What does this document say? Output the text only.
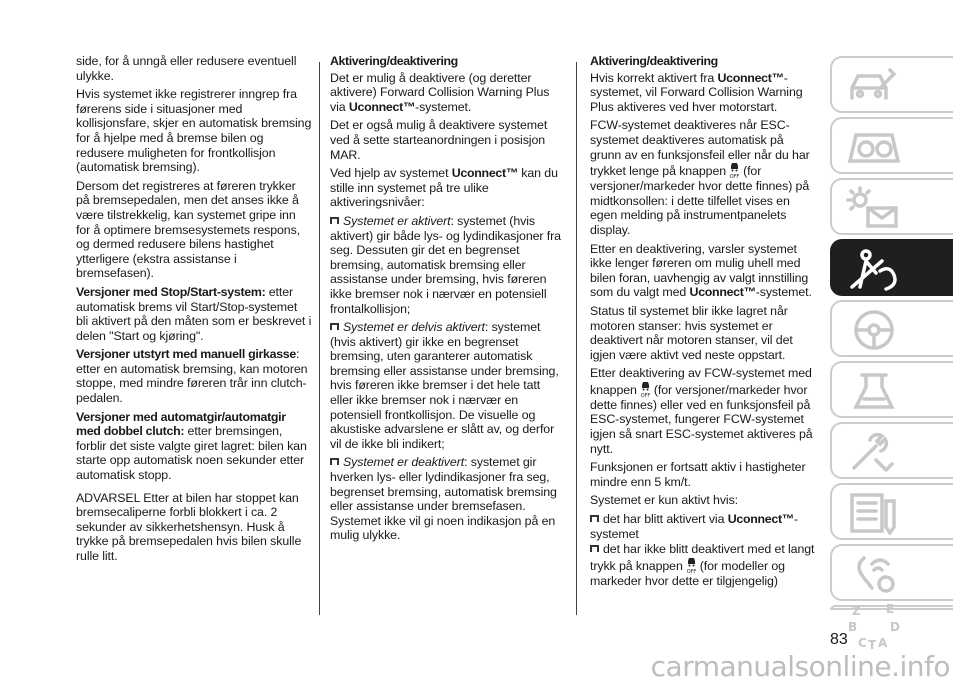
side, for å unngå eller redusere eventuell ulykke.

Hvis systemet ikke registrerer inngrep fra førerens side i situasjoner med kollisjonsfare, skjer en automatisk bremsing for å hjelpe med å bremse bilen og redusere muligheten for frontkollisjon (automatisk bremsing).

Dersom det registreres at føreren trykker på bremsepedalen, men det anses ikke å være tilstrekkelig, kan systemet gripe inn for å optimere bremsesystemets respons, og dermed redusere bilens hastighet ytterligere (ekstra assistanse i bremsefasen).

Versjoner med Stop/Start-system: etter automatisk brems vil Start/Stop-systemet bli aktivert på den måten som er beskrevet i delen "Start og kjøring".

Versjoner utstyrt med manuell girkasse: etter en automatisk bremsing, kan motoren stoppe, med mindre føreren trår inn clutch-pedalen.

Versjoner med automatgir/automatgir med dobbel clutch: etter bremsingen, forblir det siste valgte giret lagret: bilen kan starte opp automatisk noen sekunder etter automatisk stopp.

ADVARSEL Etter at bilen har stoppet kan bremsecaliperne forbli blokkert i ca. 2 sekunder av sikkerhetshensyn. Husk å trykke på bremsepedalen hvis bilen skulle rulle litt.

Aktivering/deaktivering

Det er mulig å deaktivere (og deretter aktivere) Forward Collision Warning Plus via Uconnect™-systemet.

Det er også mulig å deaktivere systemet ved å sette starteanordningen i posisjon MAR.

Ved hjelp av systemet Uconnect™ kan du stille inn systemet på tre ulike aktiveringsnivåer:

Systemet er aktivert: systemet (hvis aktivert) gir både lys- og lydindikasjoner fra seg. Dessuten gir det en begrenset bremsing, automatisk bremsing eller assistanse under bremsing, hvis føreren ikke bremser nok i nærvær en potensiell frontalkollisjon;

Systemet er delvis aktivert: systemet (hvis aktivert) gir ikke en begrenset bremsing, uten garanterer automatisk bremsing eller assistanse under bremsing, hvis føreren ikke bremser i det hele tatt eller ikke bremser nok i nærvær en potensiell frontkollisjon. De visuelle og akustiske advarslene er slått av, og derfor vil de ikke bli indikert;

Systemet er deaktivert: systemet gir hverken lys- eller lydindikasjoner fra seg, begrenset bremsing, automatisk bremsing eller assistanse under bremsefasen. Systemet ikke vil gi noen indikasjon på en mulig ulykke.

Aktivering/deaktivering

Hvis korrekt aktivert fra Uconnect™-systemet, vil Forward Collision Warning Plus aktiveres ved hver motorstart.

FCW-systemet deaktiveres når ESC-systemet deaktiveres automatisk på grunn av en funksjonsfeil eller når du har trykket lenge på knappen OFF (for versjoner/markeder hvor dette finnes) på midtkonsollen: i dette tilfellet vises en egen melding på instrumentpanelets display.

Etter en deaktivering, varsler systemet ikke lenger føreren om mulig uhell med bilen foran, uavhengig av valgt innstilling som du valgt med Uconnect™-systemet.

Status til systemet blir ikke lagret når motoren stanser: hvis systemet er deaktivert når motoren stanser, vil det igjen være aktivt ved neste oppstart.

Etter deaktivering av FCW-systemet med knappen OFF (for versjoner/markeder hvor dette finnes) eller ved en funksjonsfeil på ESC-systemet, fungerer FCW-systemet igjen så snart ESC-systemet aktiveres på nytt.

Funksjonen er fortsatt aktiv i hastigheter mindre enn 5 km/t.

Systemet er kun aktivt hvis:

det har blitt aktivert via Uconnect™-systemet

det har ikke blitt deaktivert med et langt trykk på knappen OFF (for modeller og markeder hvor dette er tilgjengelig)

Z E
B	D
C T A
83
carmanualsonline.info
